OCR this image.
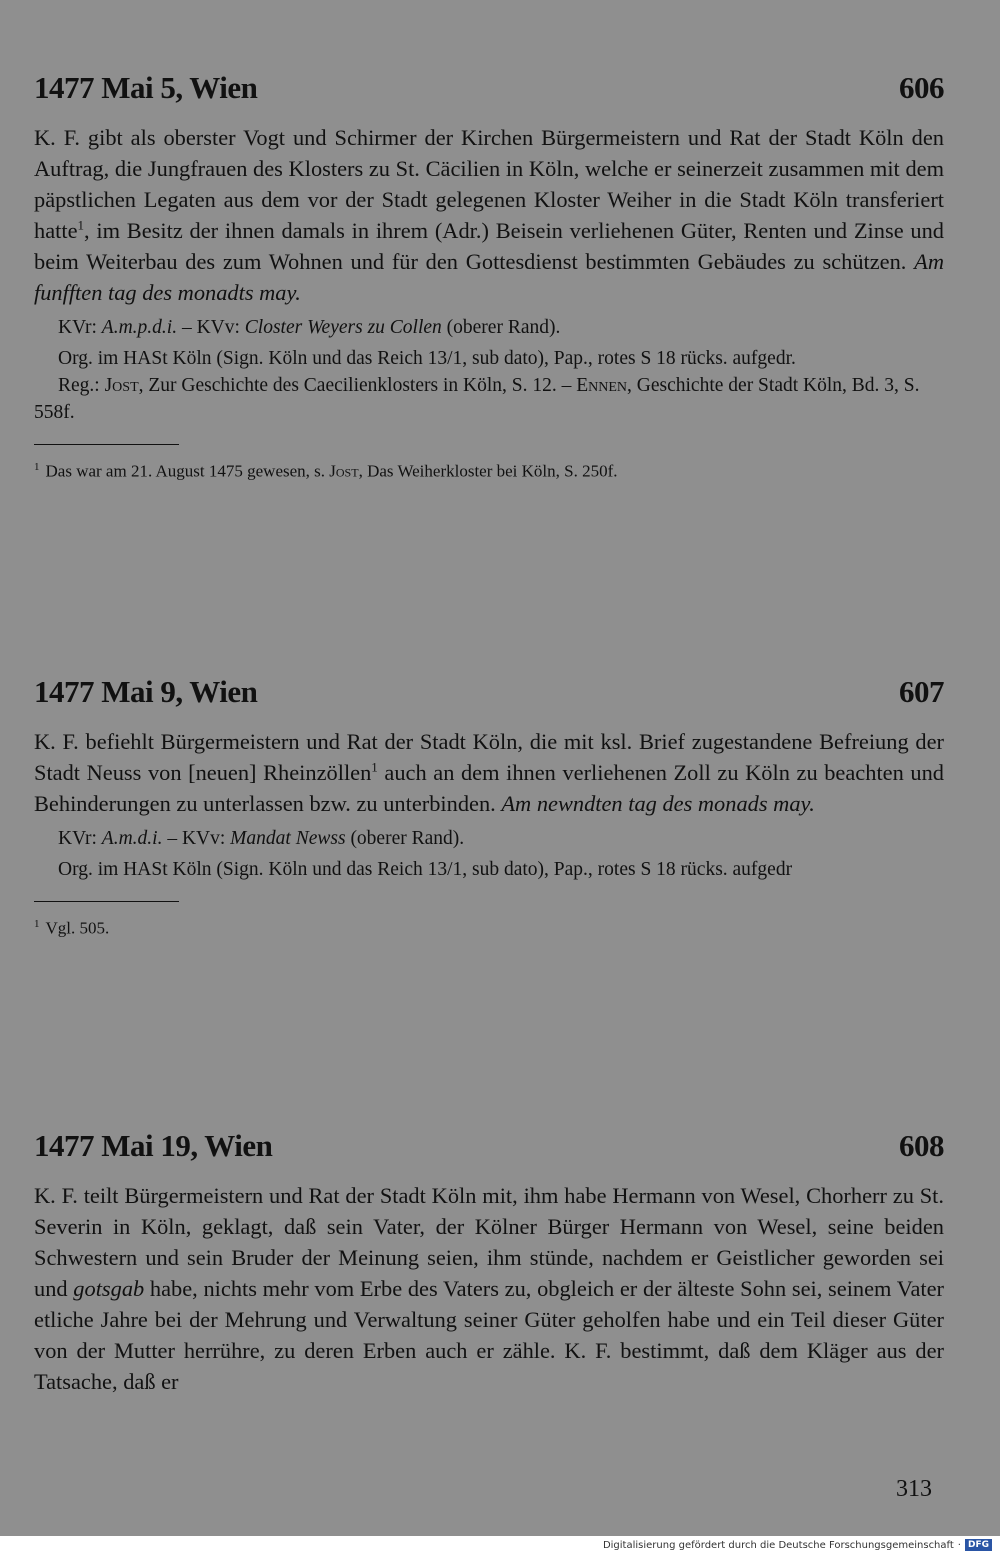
1477 Mai 5, Wien	606

K. F. gibt als oberster Vogt und Schirmer der Kirchen Bürgermeistern und Rat der Stadt Köln den Auftrag, die Jungfrauen des Klosters zu St. Cäcilien in Köln, welche er seinerzeit zusammen mit dem päpstlichen Legaten aus dem vor der Stadt gelegenen Kloster Weiher in die Stadt Köln transferiert hatte$^1$, im Besitz der ihnen damals in ihrem (Adr.) Beisein verliehenen Güter, Renten und Zinse und beim Weiterbau des zum Wohnen und für den Gottesdienst bestimmten Gebäudes zu schützen. Am funfften tag des monadts may.

KVr: A.m.p.d.i. – KVv: Closter Weyers zu Collen (oberer Rand).

Org. im HASt Köln (Sign. Köln und das Reich 13/1, sub dato), Pap., rotes S 18 rücks. aufgedr.

Reg.: Jost, Zur Geschichte des Caecilienklosters in Köln, S. 12. – Ennen, Geschichte der Stadt Köln, Bd. 3, S. 558f.

$^1$ Das war am 21. August 1475 gewesen, s. Jost, Das Weiherkloster bei Köln, S. 250f.
1477 Mai 9, Wien	607

K. F. befiehlt Bürgermeistern und Rat der Stadt Köln, die mit ksl. Brief zugestandene Befreiung der Stadt Neuss von [neuen] Rheinzöllen$^1$ auch an dem ihnen verliehenen Zoll zu Köln zu beachten und Behinderungen zu unterlassen bzw. zu unterbinden. Am newndten tag des monads may.

KVr: A.m.d.i. – KVv: Mandat Newss (oberer Rand).

Org. im HASt Köln (Sign. Köln und das Reich 13/1, sub dato), Pap., rotes S 18 rücks. aufgedr

$^1$ Vgl. 505.
1477 Mai 19, Wien	608

K. F. teilt Bürgermeistern und Rat der Stadt Köln mit, ihm habe Hermann von Wesel, Chorherr zu St. Severin in Köln, geklagt, daß sein Vater, der Kölner Bürger Hermann von Wesel, seine beiden Schwestern und sein Bruder der Meinung seien, ihm stünde, nachdem er Geistlicher geworden sei und gotsgab habe, nichts mehr vom Erbe des Vaters zu, obgleich er der älteste Sohn sei, seinem Vater etliche Jahre bei der Mehrung und Verwaltung seiner Güter geholfen habe und ein Teil dieser Güter von der Mutter herrühre, zu deren Erben auch er zähle. K. F. bestimmt, daß dem Kläger aus der Tatsache, daß er

313
Digitalisierung gefördert durch die Deutsche Forschungsgemeinschaft · DFG
